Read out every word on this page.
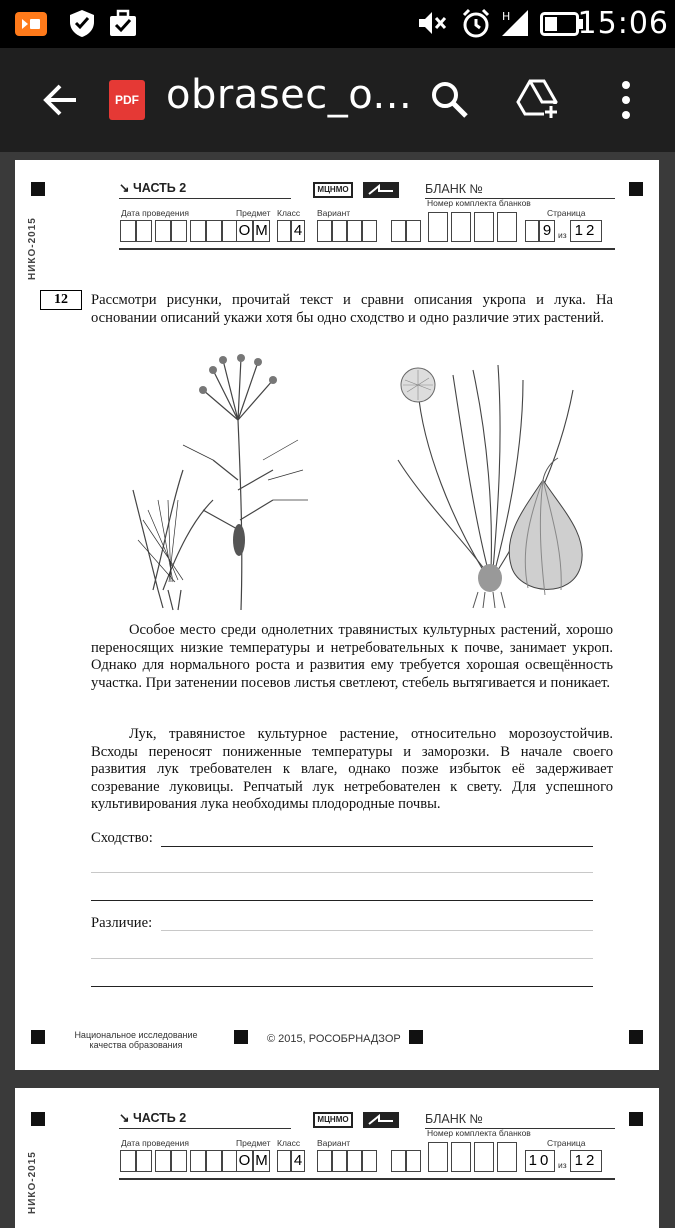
H 15:06
PDF obrasec_o...
НИКО-2015
↘ ЧАСТЬ 2	МЦНМО	БЛАНК №
Дата проведения	Предмет Класс Вариант
Номер комплекта бланков
Страница
О М 4	9 из 12
12	Рассмотри рисунки, прочитай текст и сравни описания укропа и лука. На основании описаний укажи хотя бы одно сходство и одно различие этих растений.
Особое место среди однолетних травянистых культурных растений, хорошо переносящих низкие температуры и нетребовательных к почве, занимает укроп. Однако для нормального роста и развития ему требуется хорошая освещённость участка. При затенении посевов листья светлеют, стебель вытягивается и поникает.
Лук, травянистое культурное растение, относительно морозоустойчив. Всходы переносят пониженные температуры и заморозки. В начале своего развития лук требователен к влаге, однако позже избыток её задерживает созревание луковицы. Репчатый лук нетребователен к свету. Для успешного культивирования лука необходимы плодородные почвы.
Сходство:
Различие:
Национальное исследование
качества образования	© 2015, РОСОБРНАДЗОР
НИКО-2015
↘ ЧАСТЬ 2	МЦНМО	БЛАНК №
Дата проведения	Предмет Класс Вариант
Номер комплекта бланков
Страница
О М 4	10 из 12
